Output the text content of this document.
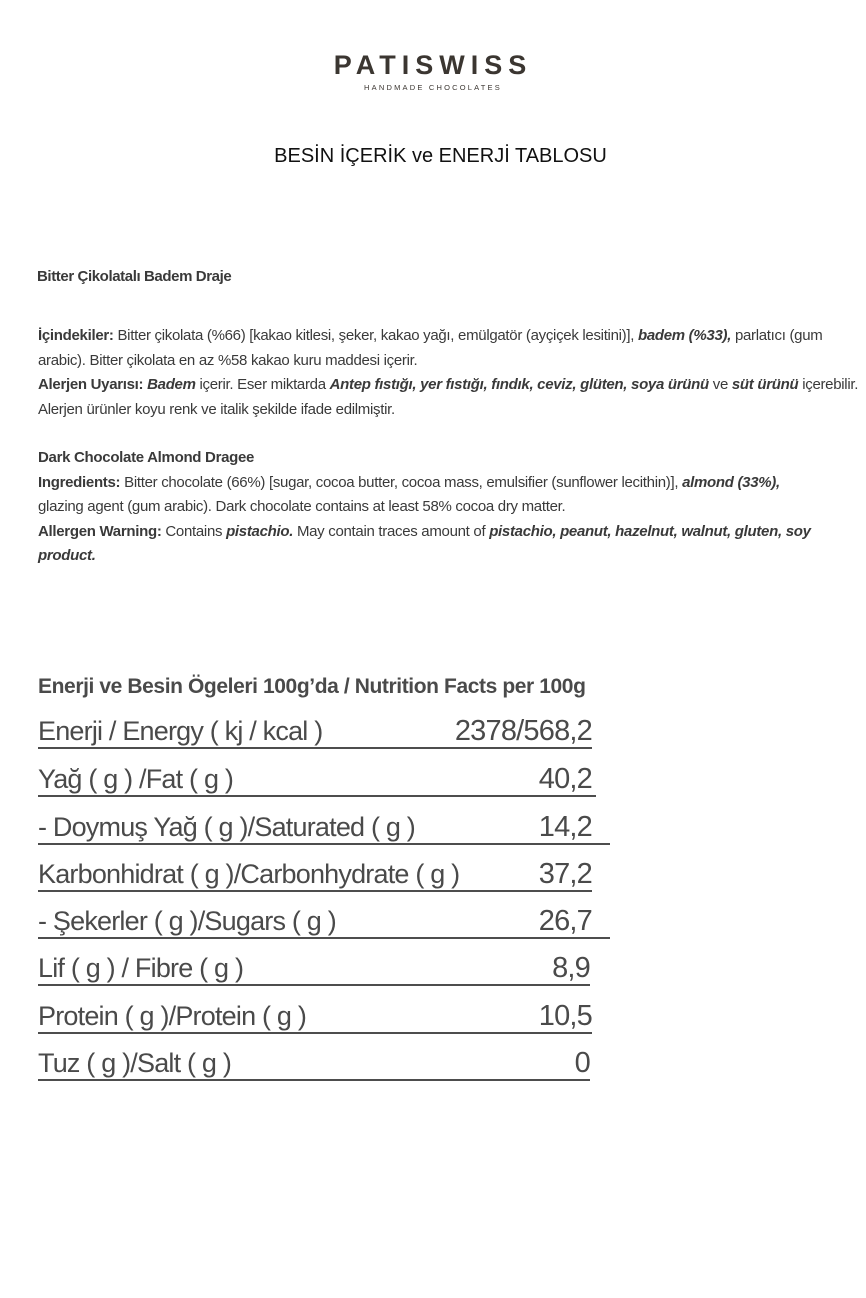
PATISWISS
HANDMADE CHOCOLATES
BESİN İÇERİK ve ENERJİ TABLOSU
Bitter Çikolatalı Badem Draje

İçindekiler: Bitter çikolata (%66) [kakao kitlesi, şeker, kakao yağı, emülgatör (ayçiçek lesitini)], badem (%33), parlatıcı (gum arabic). Bitter çikolata en az %58 kakao kuru maddesi içerir.

Alerjen Uyarısı: Badem içerir. Eser miktarda Antep fıstığı, yer fıstığı, fındık, ceviz, glüten, soya ürünü ve süt ürünü içerebilir.

Alerjen ürünler koyu renk ve italik şekilde ifade edilmiştir.

Dark Chocolate Almond Dragee

Ingredients: Bitter chocolate (66%) [sugar, cocoa butter, cocoa mass, emulsifier (sunflower lecithin)], almond (33%), glazing agent (gum arabic). Dark chocolate contains at least 58% cocoa dry matter.

Allergen Warning: Contains pistachio. May contain traces amount of pistachio, peanut, hazelnut, walnut, gluten, soy product.

Enerji ve Besin Ögeleri 100g’da / Nutrition Facts per 100g
Enerji / Energy ( kj / kcal )	2378/568,2
Yağ ( g ) /Fat ( g )	40,2
- Doymuş Yağ ( g )/Saturated ( g )	14,2
Karbonhidrat ( g )/Carbonhydrate ( g )	37,2
- Şekerler ( g )/Sugars ( g )	26,7
Lif ( g ) / Fibre ( g )	8,9
Protein ( g )/Protein ( g )	10,5
Tuz ( g )/Salt ( g )	0
